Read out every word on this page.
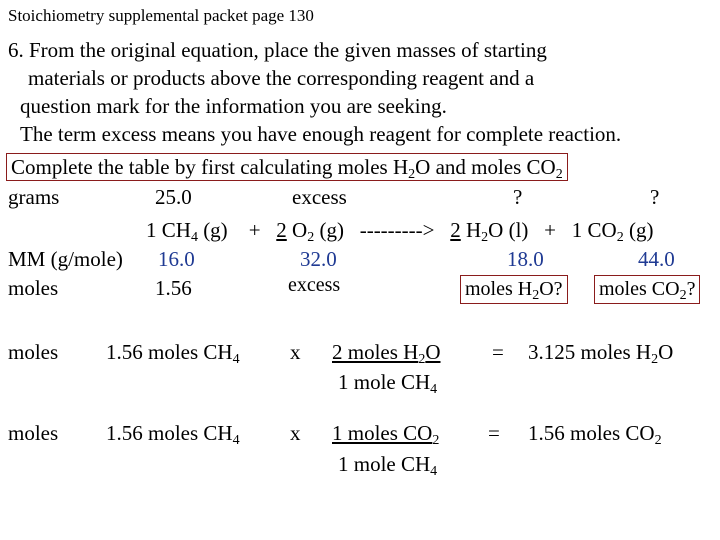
Stoichiometry supplemental packet page 130
6. From the original equation, place the given masses of starting
materials or products above the corresponding reagent and a
question mark for the information you are seeking.
The term excess means you have enough reagent for complete reaction.
Complete the table by first calculating moles $H_2O$ and moles $CO_2$
grams	25.0	excess	?	?
1 $CH_4$ (g) + 2 $O_2$ (g) ---------> 2 $H_2O$ (l) + 1 $CO_2$ (g)
MM (g/mole) 16.0	32.0	18.0	44.0
moles	1.56	excess	moles $H_2O$? moles $CO_2$?
moles 1.56 moles $CH_4$ x 2 moles $H_2O$
1 mole $CH_4$
= 3.125 moles $H_2O$
moles 1.56 moles $CH_4$ x 1 moles $CO_2$
1 mole $CH_4$
= 1.56 moles $CO_2$
